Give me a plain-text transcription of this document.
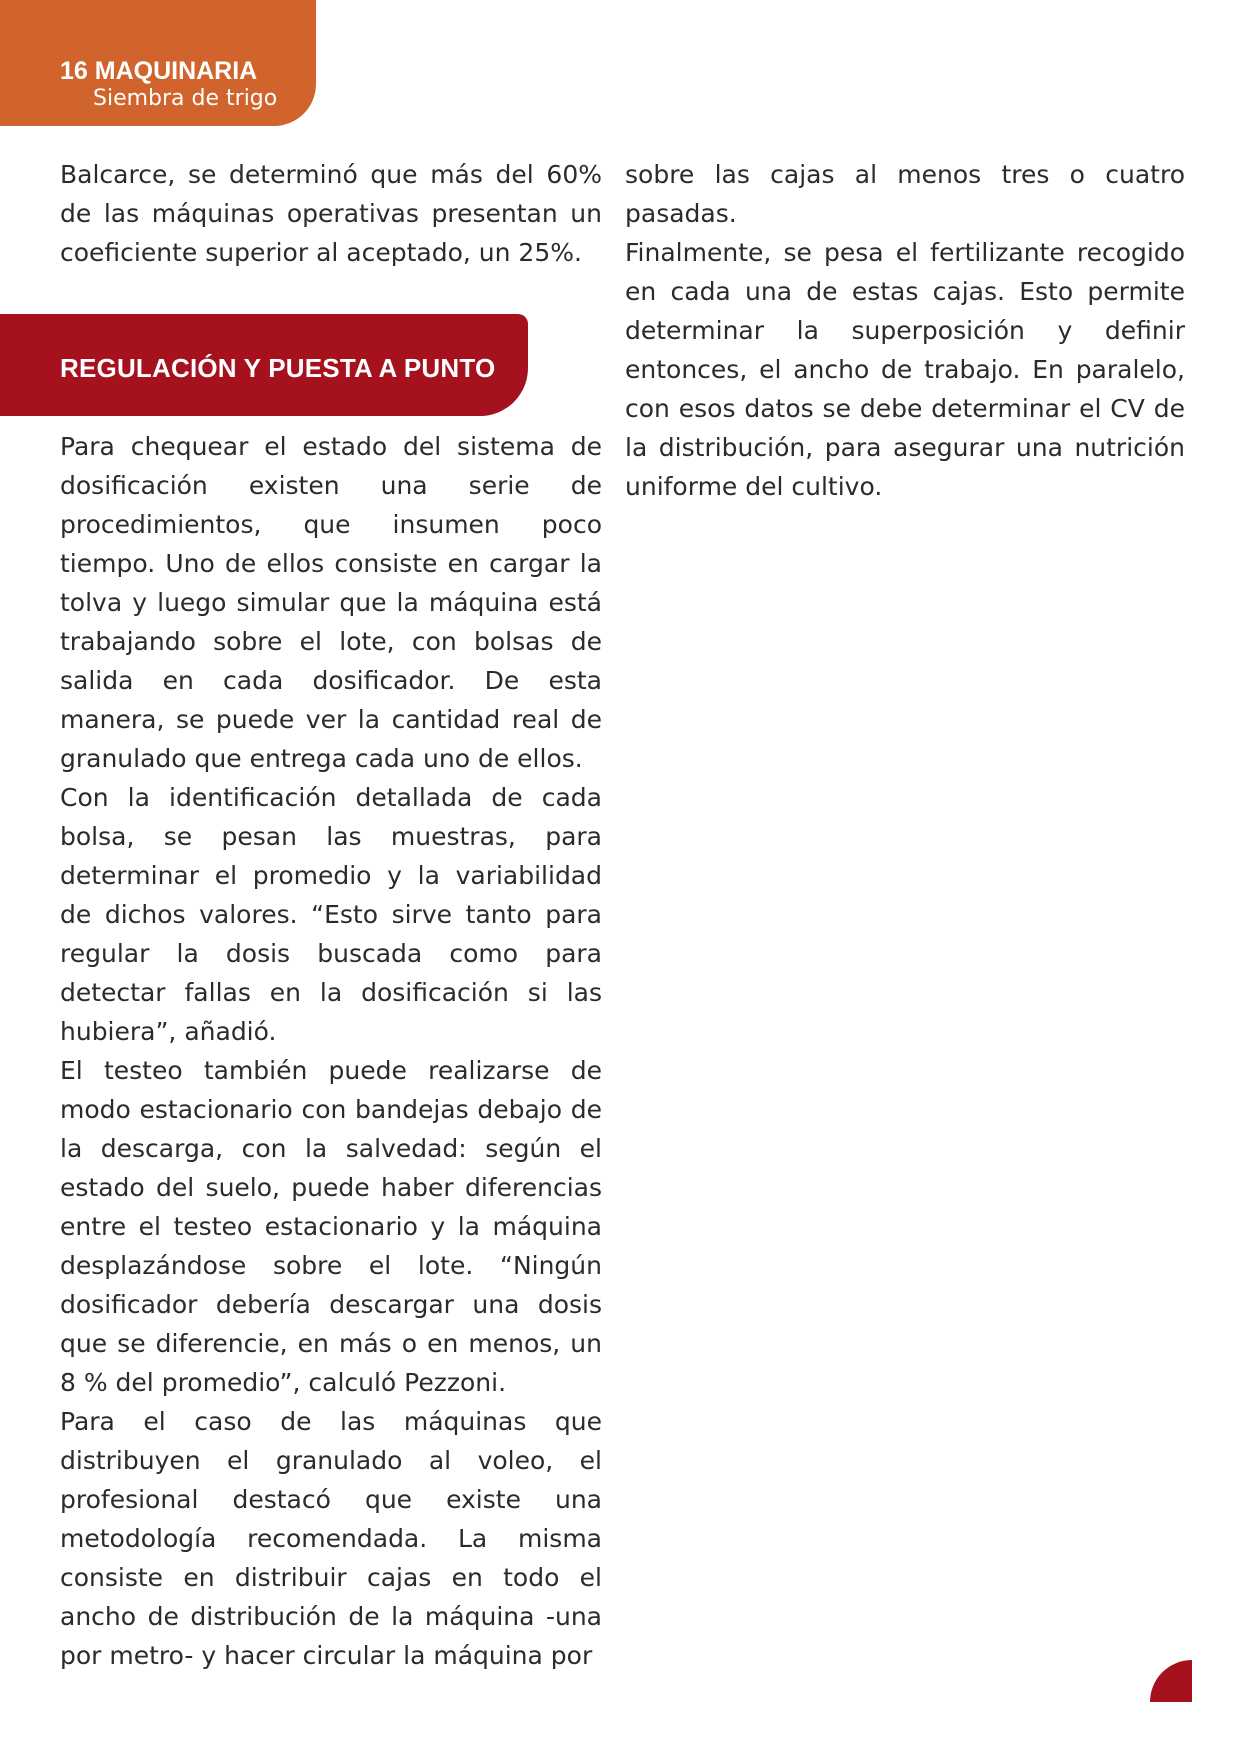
16 MAQUINARIA
Siembra de trigo

Balcarce, se determinó que más del 60% de las máquinas operativas presentan un coeficiente superior al aceptado, un 25%.

REGULACIÓN Y PUESTA A PUNTO

Para chequear el estado del sistema de dosificación existen una serie de procedimientos, que insumen poco tiempo. Uno de ellos consiste en cargar la tolva y luego simular que la máquina está trabajando sobre el lote, con bolsas de salida en cada dosificador. De esta manera, se puede ver la cantidad real de granulado que entrega cada uno de ellos.

Con la identificación detallada de cada bolsa, se pesan las muestras, para determinar el promedio y la variabilidad de dichos valores. “Esto sirve tanto para regular la dosis buscada como para detectar fallas en la dosificación si las hubiera”, añadió.

El testeo también puede realizarse de modo estacionario con bandejas debajo de la descarga, con la salvedad: según el estado del suelo, puede haber diferencias entre el testeo estacionario y la máquina desplazándose sobre el lote. “Ningún dosificador debería descargar una dosis que se diferencie, en más o en menos, un 8 % del promedio”, calculó Pezzoni.

Para el caso de las máquinas que distribuyen el granulado al voleo, el profesional destacó que existe una metodología recomendada. La misma consiste en distribuir cajas en todo el ancho de distribución de la máquina -una por metro- y hacer circular la máquina por

sobre las cajas al menos tres o cuatro pasadas.

Finalmente, se pesa el fertilizante recogido en cada una de estas cajas. Esto permite determinar la superposición y definir entonces, el ancho de trabajo. En paralelo, con esos datos se debe determinar el CV de la distribución, para asegurar una nutrición uniforme del cultivo.
